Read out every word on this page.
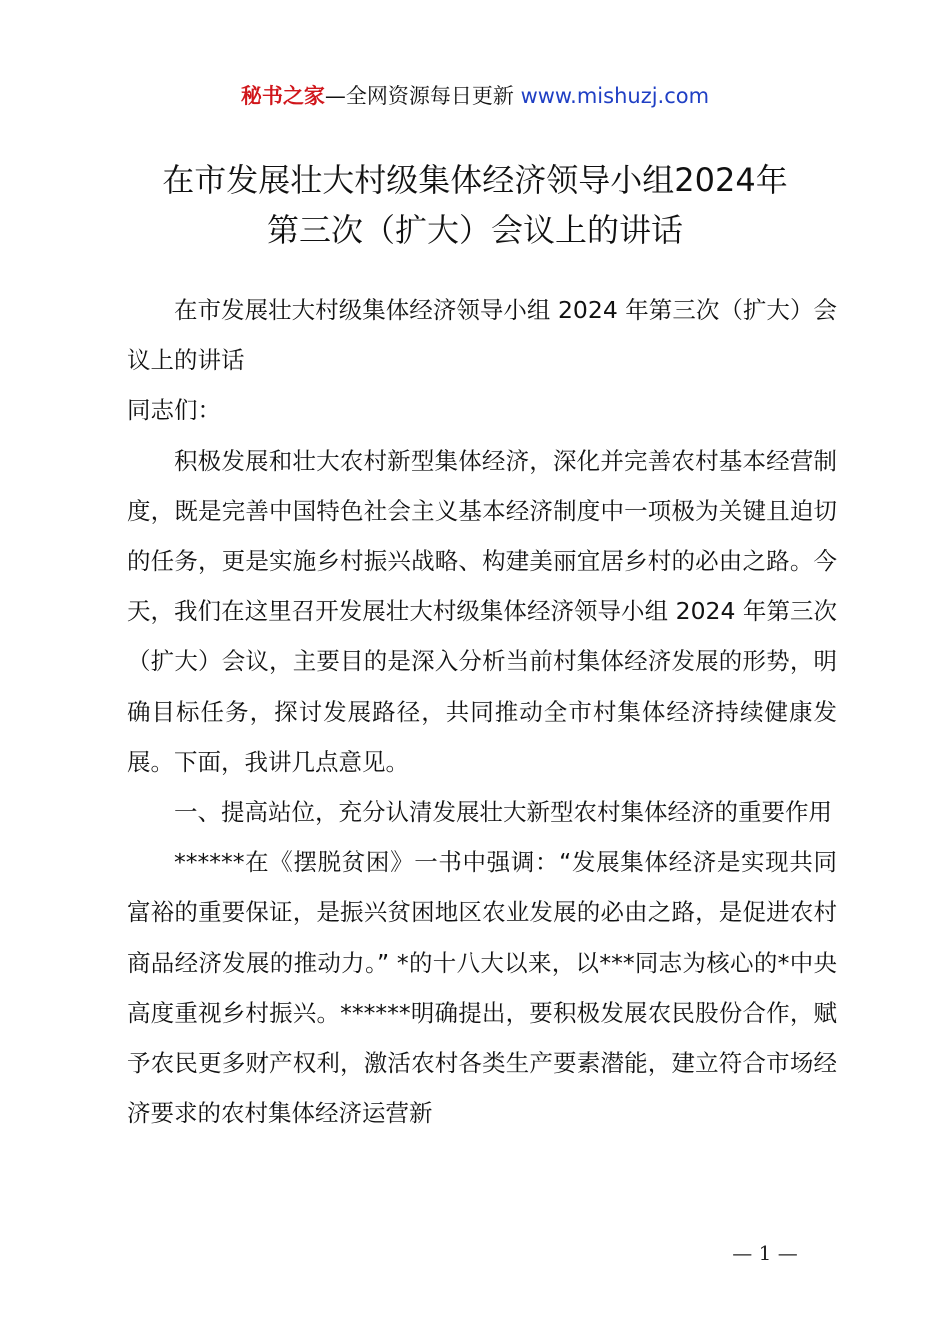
秘书之家—全网资源每日更新 www.mishuzj.com
在市发展壮大村级集体经济领导小组2024年
第三次（扩大）会议上的讲话

在市发展壮大村级集体经济领导小组 2024 年第三次（扩大）会议上的讲话

同志们：

积极发展和壮大农村新型集体经济，深化并完善农村基本经营制度，既是完善中国特色社会主义基本经济制度中一项极为关键且迫切的任务，更是实施乡村振兴战略、构建美丽宜居乡村的必由之路。今天，我们在这里召开发展壮大村级集体经济领导小组 2024 年第三次（扩大）会议，主要目的是深入分析当前村集体经济发展的形势，明确目标任务，探讨发展路径，共同推动全市村集体经济持续健康发展。下面，我讲几点意见。

一、提高站位，充分认清发展壮大新型农村集体经济的重要作用

******在《摆脱贫困》一书中强调：“发展集体经济是实现共同富裕的重要保证，是振兴贫困地区农业发展的必由之路，是促进农村商品经济发展的推动力。” *的十八大以来，以***同志为核心的*中央高度重视乡村振兴。******明确提出，要积极发展农民股份合作，赋予农民更多财产权利，激活农村各类生产要素潜能，建立符合市场经济要求的农村集体经济运营新

— 1 —
